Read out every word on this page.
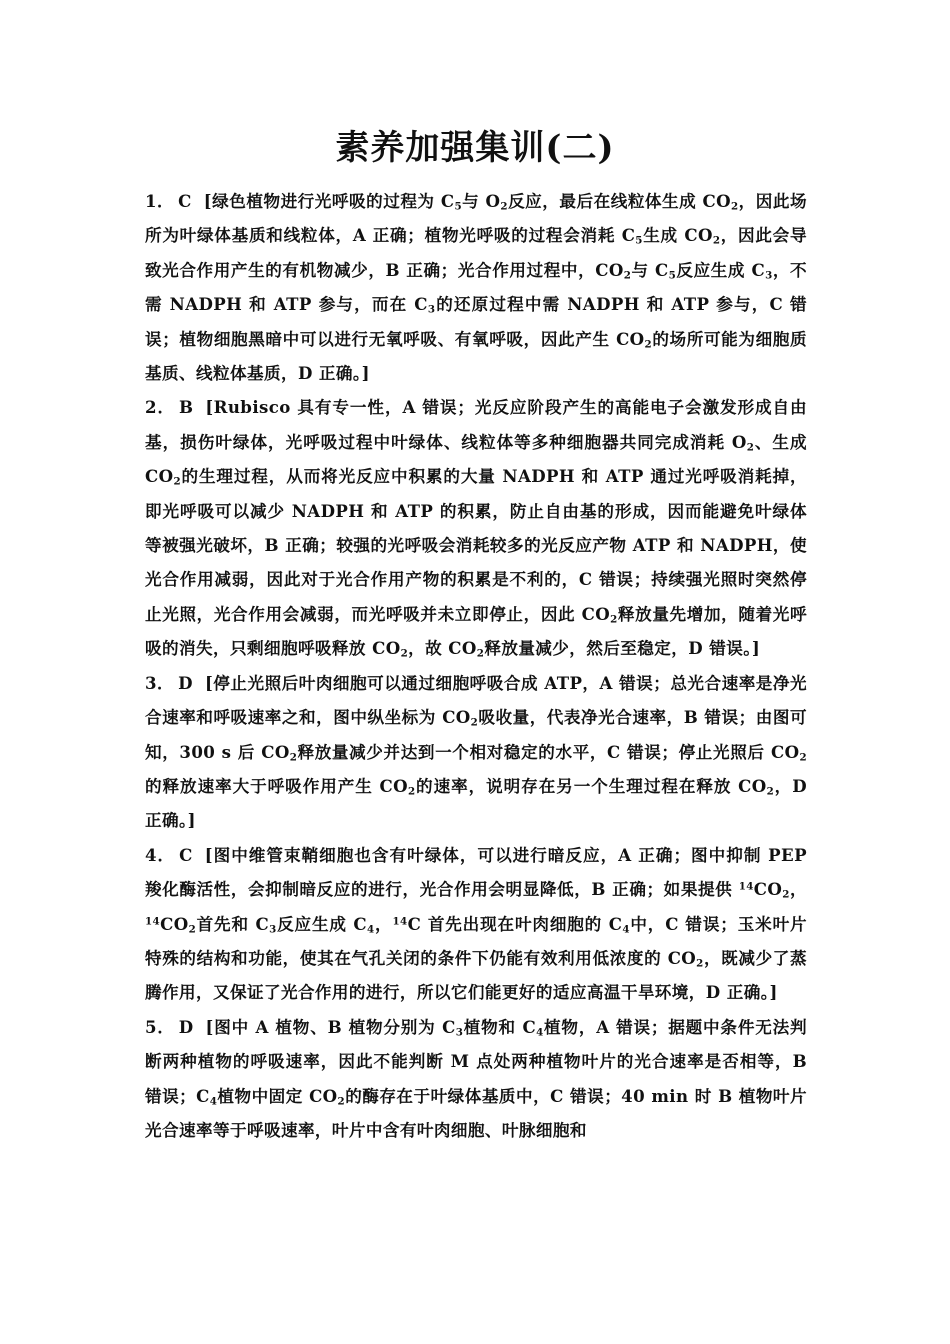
素养加强集训(二)

1． C [绿色植物进行光呼吸的过程为 $C_5$与 $O_2$反应，最后在线粒体生成 $CO_2$，因此场所为叶绿体基质和线粒体，A 正确；植物光呼吸的过程会消耗 $C_5$生成 $CO_2$，因此会导致光合作用产生的有机物减少，B 正确；光合作用过程中，$CO_2$与 $C_5$反应生成 $C_3$，不需 NADPH 和 ATP 参与，而在 $C_3$的还原过程中需 NADPH 和 ATP 参与，C 错误；植物细胞黑暗中可以进行无氧呼吸、有氧呼吸，因此产生 $CO_2$的场所可能为细胞质基质、线粒体基质，D 正确。]

2． B [Rubisco 具有专一性，A 错误；光反应阶段产生的高能电子会激发形成自由基，损伤叶绿体，光呼吸过程中叶绿体、线粒体等多种细胞器共同完成消耗 $O_2$、生成 $CO_2$的生理过程，从而将光反应中积累的大量 NADPH 和 ATP 通过光呼吸消耗掉，即光呼吸可以减少 NADPH 和 ATP 的积累，防止自由基的形成，因而能避免叶绿体等被强光破坏，B 正确；较强的光呼吸会消耗较多的光反应产物 ATP 和 NADPH，使光合作用减弱，因此对于光合作用产物的积累是不利的，C 错误；持续强光照时突然停止光照，光合作用会减弱，而光呼吸并未立即停止，因此 $CO_2$释放量先增加，随着光呼吸的消失，只剩细胞呼吸释放 $CO_2$，故 $CO_2$释放量减少，然后至稳定，D 错误。]

3． D [停止光照后叶肉细胞可以通过细胞呼吸合成 ATP，A 错误；总光合速率是净光合速率和呼吸速率之和，图中纵坐标为 $CO_2$吸收量，代表净光合速率，B 错误；由图可知，300 s 后 $CO_2$释放量减少并达到一个相对稳定的水平，C 错误；停止光照后 $CO_2$的释放速率大于呼吸作用产生 $CO_2$的速率，说明存在另一个生理过程在释放 $CO_2$，D 正确。]

4． C [图中维管束鞘细胞也含有叶绿体，可以进行暗反应，A 正确；图中抑制 PEP 羧化酶活性，会抑制暗反应的进行，光合作用会明显降低，B 正确；如果提供 $^{14}CO_2$，$^{14}CO_2$首先和 $C_3$反应生成 $C_4$，$^{14}$C 首先出现在叶肉细胞的 $C_4$中，C 错误；玉米叶片特殊的结构和功能，使其在气孔关闭的条件下仍能有效利用低浓度的 $CO_2$，既减少了蒸腾作用，又保证了光合作用的进行，所以它们能更好的适应高温干旱环境，D 正确。]

5． D [图中 A 植物、B 植物分别为 $C_3$植物和 $C_4$植物，A 错误；据题中条件无法判断两种植物的呼吸速率，因此不能判断 M 点处两种植物叶片的光合速率是否相等，B 错误；$C_4$植物中固定 $CO_2$的酶存在于叶绿体基质中，C 错误；40 min 时 B 植物叶片光合速率等于呼吸速率，叶片中含有叶肉细胞、叶脉细胞和
